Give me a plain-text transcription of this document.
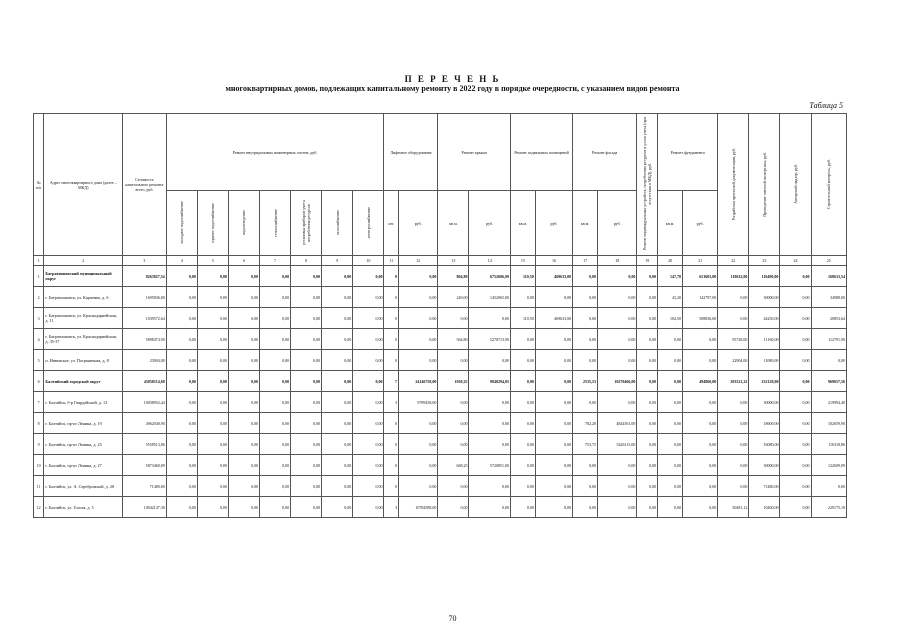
П Е Р Е Ч Е Н Ь
многоквартирных домов, подлежащих капитальному ремонту в 2022 году в порядке очередности, с указанием видов ремонта
Таблица 5
№ п/п	Адрес многоквартирного дома (далее – МКД)	Стоимость капитального ремонта всего, руб.	Ремонт внутридомовых инженерных систем, руб.							Лифтовое оборудование		Ремонт крыши		Ремонт подвальных помещений		Ремонт фасада		Ремонт индивидуальных устройств, потребления ресурсов и узлов учета (при отсутствии в МКД), руб.	Ремонт фундамента		Разработка проектной документации, руб.	Проведение сметной экспертизы, руб.	Авторский надзор, руб.	Строительный контроль, руб.
			холодное водоснабжение	горячее водоснабжение	водоотведение	теплоснабжение	установка приборов учета потребления ресурсов	газоснабжение	электроснабжение	шт.	руб.	кв.м.	руб.	кв.м.	руб.	кв.м.	руб.		кв.м.	руб.				

1	2	3	4	5	6	7	8	9	10	11	12	13	14	15	16	17	18	19	20	21	22	23	24	25
1	Багратионовский муниципальный округ	8263827,54	0,00	0,00	0,00	0,00	0,00	0,00	0,00	0	0,00	804,80	6752606,09	110,50	469633,00	0,00	0,00	0,00	147,70	651603,00	118632,00	116490,00	0,00	168633,54
2	г. Багратионовск, ул. Карпенко, д. 6	1695836,00	0,00	0,00	0,00	0,00	0,00	0,00	0,00	0	0,00	240,00	1452065,00	0,00	0,00	0,00	0,00	0,00	43,20	142797,00	0,00	30000,00	0,00	34988,00
3	г. Багратионовск, ул. Краснодарнейская, д. 11	1039572,64	0,00	0,00	0,00	0,00	0,00	0,00	0,00	0	0,00	0,00	0,00	110,50	469633,00	0,00	0,00	0,00	104,50	508836,00	0,00	44250,00	0,00	20853,64
4	г. Багратионовск, ул. Краснодарнейская, д. 35-37	5898474,90	0,00	0,00	0,00	0,00	0,00	0,00	0,00	0	0,00	564,80	5270713,90	0,00	0,00	0,00	0,00	0,00	0,00	0,00	95728,00	11160,00	0,00	112791,90
5	п. Нивенское, ул. Пограничная, д. 8	23904,00	0,00	0,00	0,00	0,00	0,00	0,00	0,00	0	0,00	0,00	0,00	0,00	0,00	0,00	0,00	0,00	0,00	0,00	22904,00	11080,00	0,00	0,00
6	Балтийский городской округ	45050114,68	0,00	0,00	0,00	0,00	0,00	0,00	0,00	7	24146750,00	1030,25	9840294,05	0,00	0,00	2535,53	10270466,00	0,00	0,00	494860,00	203521,22	232120,00	0,00	969657,56
7	г. Балтийск, б-р Гвардейский, д. 13	10038952,44	0,00	0,00	0,00	0,00	0,00	0,00	0,00	3	9789458,00	0,00	0,00	0,00	0,00	0,00	0,00	0,00	0,00	0,00	0,00	30000,00	0,00	219994,40
8	г. Балтийск, пр-кт Ленина, д. 19	4962040,90	0,00	0,00	0,00	0,00	0,00	0,00	0,00	0	0,00	0,00	0,00	0,00	0,00	782,20	4844561,00	0,00	0,00	0,00	0,00	18600,00	0,00	102659,90
9	г. Балтийск, пр-кт Ленина, д. 25	5558513,86	0,00	0,00	0,00	0,00	0,00	0,00	0,00	0	0,00	0,00	0,00	0,00	0,00	753,75	5426115,00	0,00	0,00	0,00	0,00	16080,00	0,00	116318,86
10	г. Балтийск, пр-кт Ленина, д. 27	5873460,09	0,00	0,00	0,00	0,00	0,00	0,00	0,00	0	0,00	668,25	5720851,00	0,00	0,00	0,00	0,00	0,00	0,00	0,00	0,00	30000,00	0,00	122609,09
11	г. Балтийск, ул. А. Серебровской, д. 28	71480,00	0,00	0,00	0,00	0,00	0,00	0,00	0,00	0	0,00	0,00	0,00	0,00	0,00	0,00	0,00	0,00	0,00	0,00	0,00	71480,00	0,00	0,00
12	г. Балтийск, ул. Гоголя, д. 5	10042147,30	0,00	0,00	0,00	0,00	0,00	0,00	0,00	3	10784588,00	0,00	0,00	0,00	0,00	0,00	0,00	0,00	0,00	0,00	50481,12	10400,00	0,00	229175,18
70
